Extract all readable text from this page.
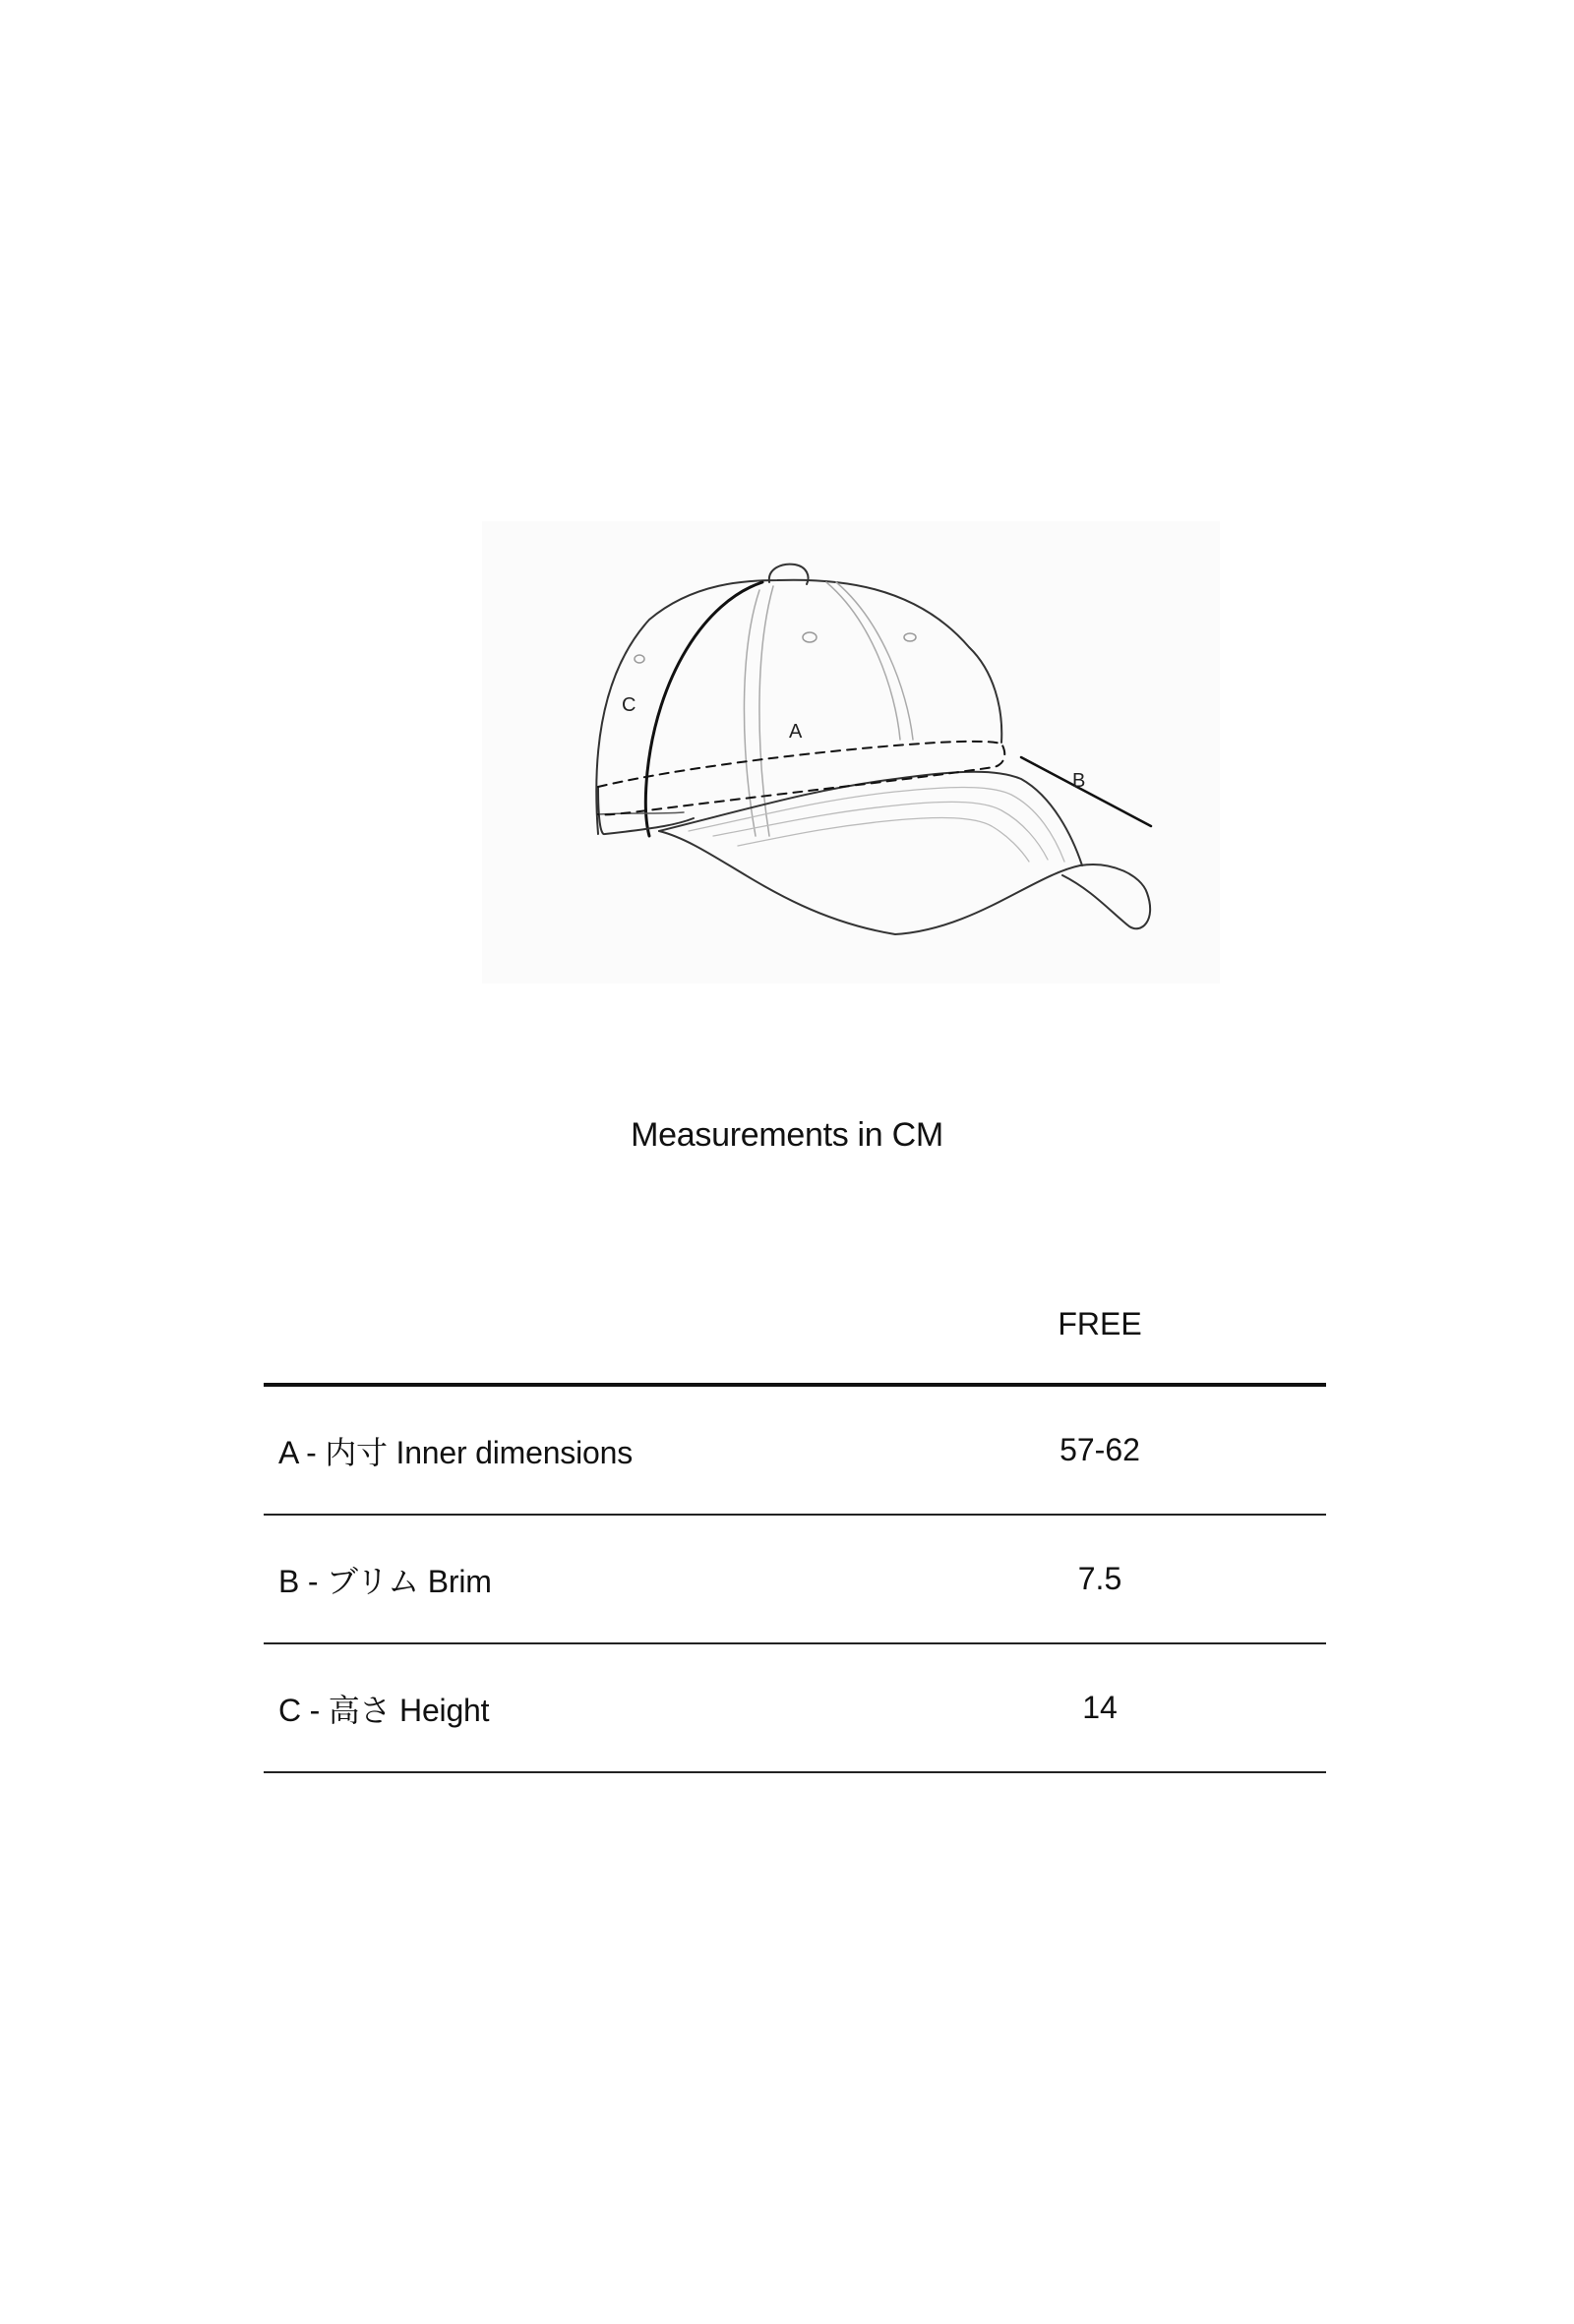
C
A
B
Measurements in CM
FREE
A - 内寸 Inner dimensions	57-62
B - ブリム Brim	7.5
C - 高さ Height	14
